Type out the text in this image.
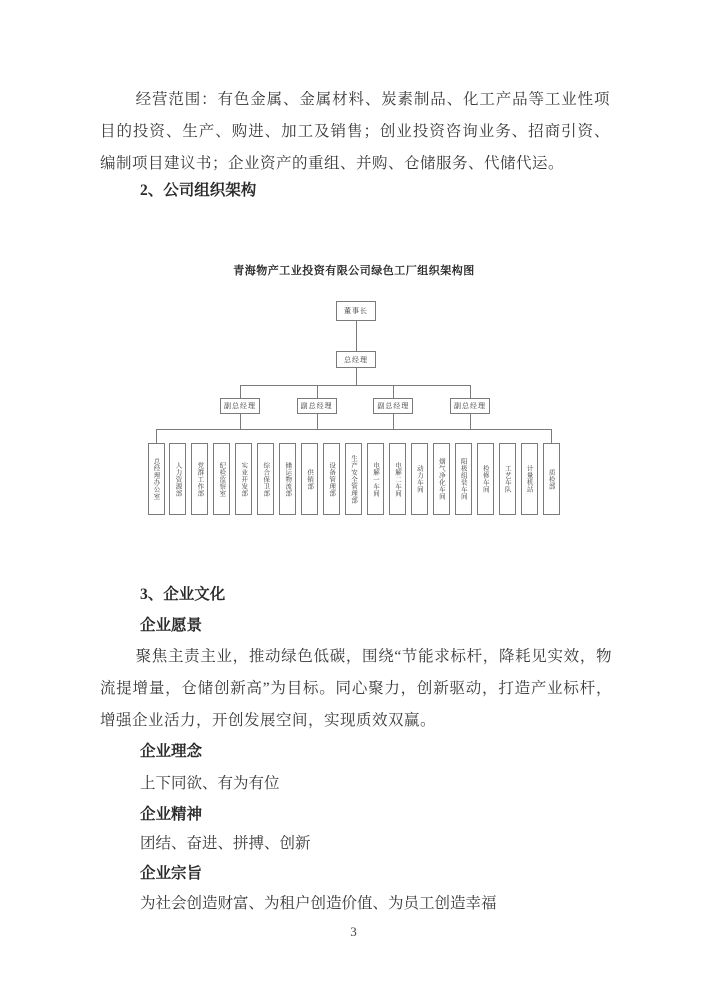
经营范围：有色金属、金属材料、炭素制品、化工产品等工业性项目的投资、生产、购进、加工及销售；创业投资咨询业务、招商引资、编制项目建议书；企业资产的重组、并购、仓储服务、代储代运。
2、公司组织架构
青海物产工业投资有限公司绿色工厂组织架构图
董事长
总经理
副总经理	副总经理	副总经理	副总经理
总经理办公室	人力资源部	党群工作部	纪检监察室	实业开发部	综合保卫部	储运物流部	供销部	设备管理部	生产安全管理部	电解一车间	电解二车间	动力车间	烟气净化车间	阳极组装车间	检修车间	工艺车队	计量机站	质检部
3、企业文化
企业愿景
聚焦主责主业，推动绿色低碳，围绕“节能求标杆，降耗见实效，物流提增量，仓储创新高”为目标。同心聚力，创新驱动，打造产业标杆，增强企业活力，开创发展空间，实现质效双赢。
企业理念
上下同欲、有为有位
企业精神
团结、奋进、拼搏、创新
企业宗旨
为社会创造财富、为租户创造价值、为员工创造幸福
3
